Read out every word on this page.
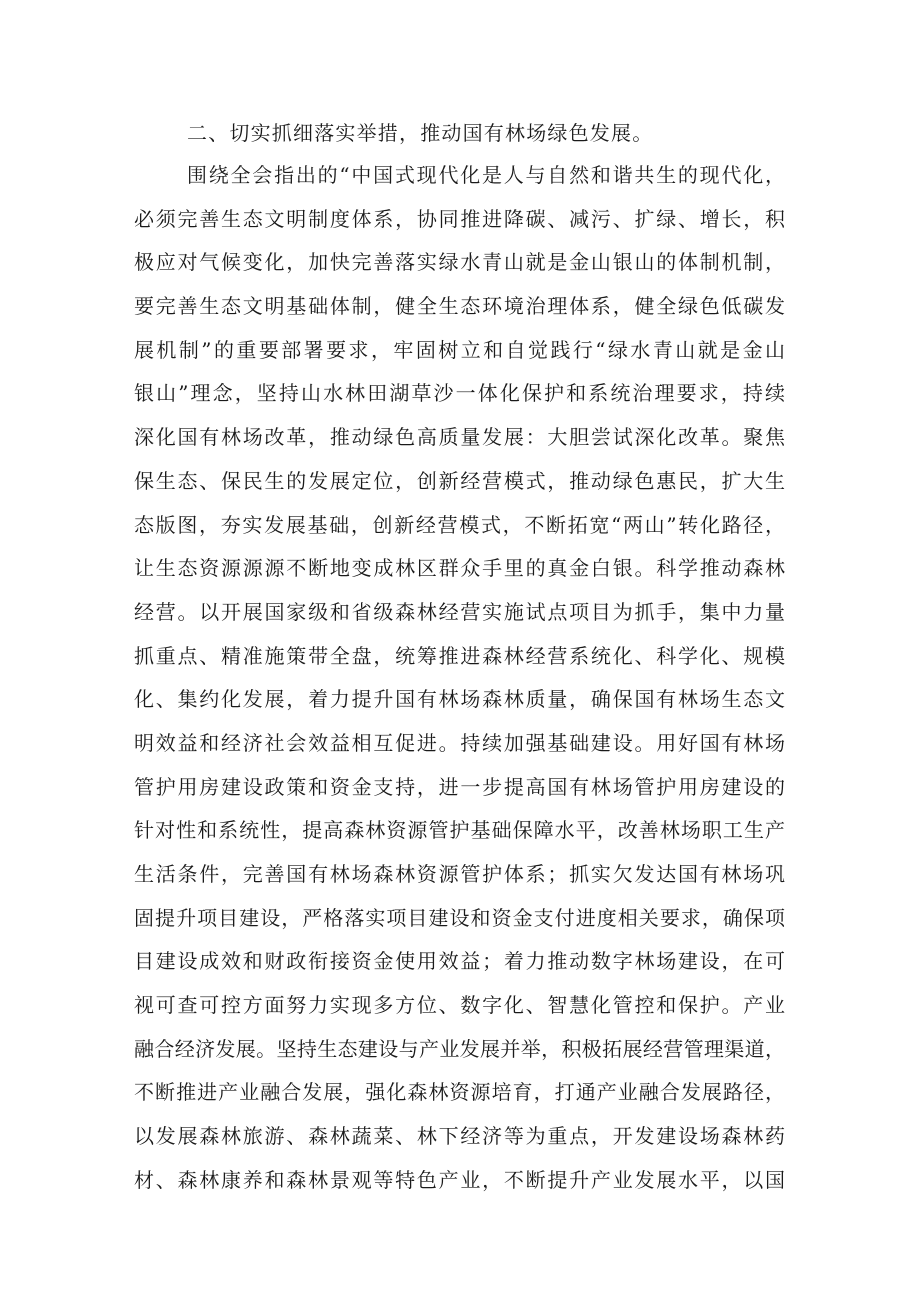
二、切实抓细落实举措，推动国有林场绿色发展。
围绕全会指出的“中国式现代化是人与自然和谐共生的现代化，
必须完善生态文明制度体系，协同推进降碳、减污、扩绿、增长，积
极应对气候变化，加快完善落实绿水青山就是金山银山的体制机制，
要完善生态文明基础体制，健全生态环境治理体系，健全绿色低碳发
展机制”的重要部署要求，牢固树立和自觉践行“绿水青山就是金山
银山”理念，坚持山水林田湖草沙一体化保护和系统治理要求，持续
深化国有林场改革，推动绿色高质量发展：大胆尝试深化改革。聚焦
保生态、保民生的发展定位，创新经营模式，推动绿色惠民，扩大生
态版图，夯实发展基础，创新经营模式，不断拓宽“两山”转化路径，
让生态资源源源不断地变成林区群众手里的真金白银。科学推动森林
经营。以开展国家级和省级森林经营实施试点项目为抓手，集中力量
抓重点、精准施策带全盘，统筹推进森林经营系统化、科学化、规模
化、集约化发展，着力提升国有林场森林质量，确保国有林场生态文
明效益和经济社会效益相互促进。持续加强基础建设。用好国有林场
管护用房建设政策和资金支持，进一步提高国有林场管护用房建设的
针对性和系统性，提高森林资源管护基础保障水平，改善林场职工生产
生活条件，完善国有林场森林资源管护体系；抓实欠发达国有林场巩
固提升项目建设，严格落实项目建设和资金支付进度相关要求，确保项
目建设成效和财政衔接资金使用效益；着力推动数字林场建设，在可
视可查可控方面努力实现多方位、数字化、智慧化管控和保护。产业
融合经济发展。坚持生态建设与产业发展并举，积极拓展经营管理渠道，
不断推进产业融合发展，强化森林资源培育，打通产业融合发展路径，
以发展森林旅游、森林蔬菜、林下经济等为重点，开发建设场森林药
材、森林康养和森林景观等特色产业，不断提升产业发展水平，以国
